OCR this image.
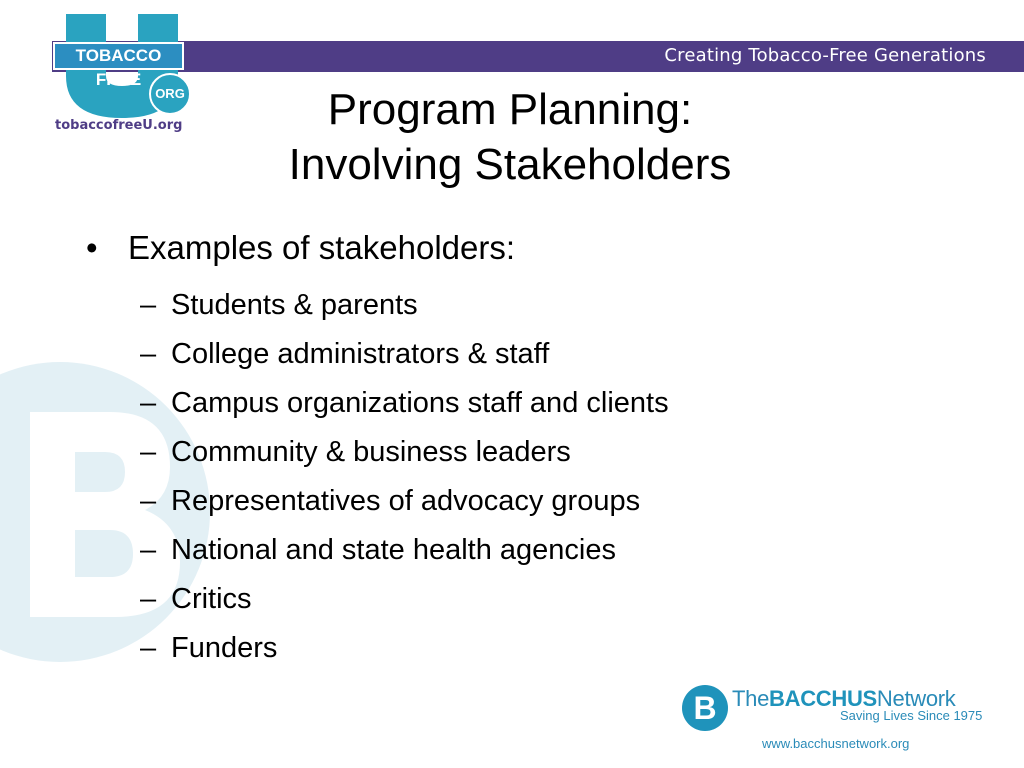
Creating Tobacco-Free Generations
TOBACCO FREE
ORG
tobaccofreeU.org	Program Planning:
Involving Stakeholders
• Examples of stakeholders:
– Students & parents
– College administrators & staff
– Campus organizations staff and clients
– Community & business leaders
– Representatives of advocacy groups
– National and state health agencies
– Critics
– Funders
B TheBACCHUSNetwork
Saving Lives Since 1975
www.bacchusnetwork.org
